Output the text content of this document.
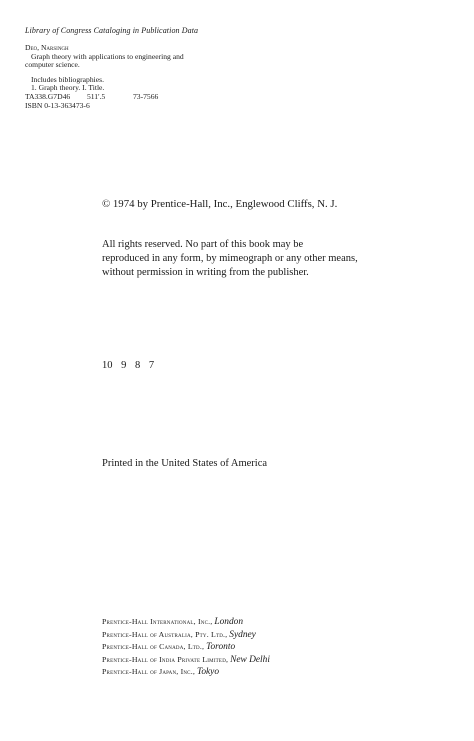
Library of Congress Cataloging in Publication Data
Deo, Narsingh
Graph theory with applications to engineering and
computer science.
Includes bibliographies.
1. Graph theory. I. Title.
TA338.G7D46 511'.5	73-7566
ISBN 0-13-363473-6
© 1974 by Prentice-Hall, Inc., Englewood Cliffs, N. J.
All rights reserved. No part of this book may be
reproduced in any form, by mimeograph or any other means,
without permission in writing from the publisher.
10 9 8 7
Printed in the United States of America
Prentice-Hall International, Inc., London
Prentice-Hall of Australia, Pty. Ltd., Sydney
Prentice-Hall of Canada, Ltd., Toronto
Prentice-Hall of India Private Limited, New Delhi
Prentice-Hall of Japan, Inc., Tokyo
